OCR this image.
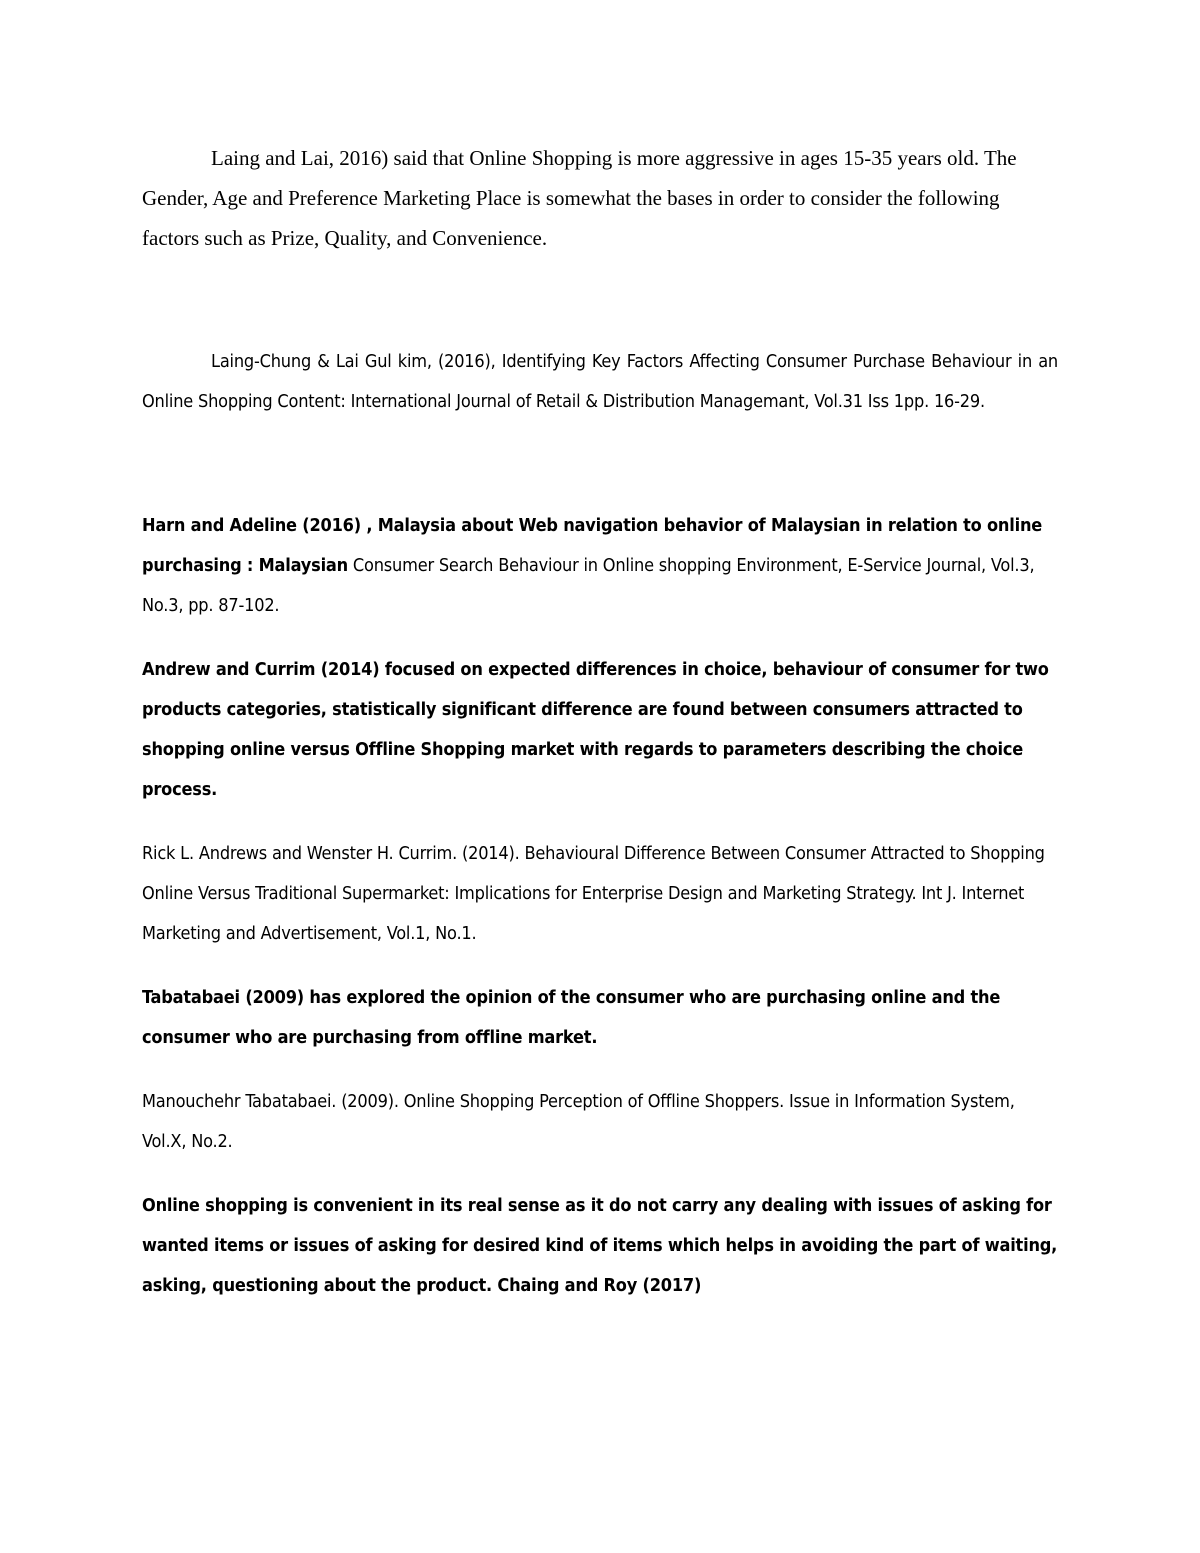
Laing and Lai, 2016) said that Online Shopping is more aggressive in ages 15-35 years old. The Gender, Age and Preference Marketing Place is somewhat the bases in order to consider the following factors such as Prize, Quality, and Convenience.

Laing-Chung & Lai Gul kim, (2016), Identifying Key Factors Affecting Consumer Purchase Behaviour in an Online Shopping Content: International Journal of Retail & Distribution Managemant, Vol.31 Iss 1pp. 16-29.

Harn and Adeline (2016) , Malaysia about Web navigation behavior of Malaysian in relation to online purchasing : Malaysian Consumer Search Behaviour in Online shopping Environment, E-Service Journal, Vol.3, No.3, pp. 87-102.

Andrew and Currim (2014) focused on expected differences in choice, behaviour of consumer for two products categories, statistically significant difference are found between consumers attracted to shopping online versus Offline Shopping market with regards to parameters describing the choice process.

Rick L. Andrews and Wenster H. Currim. (2014). Behavioural Difference Between Consumer Attracted to Shopping Online Versus Traditional Supermarket: Implications for Enterprise Design and Marketing Strategy. Int J. Internet Marketing and Advertisement, Vol.1, No.1.

Tabatabaei (2009) has explored the opinion of the consumer who are purchasing online and the consumer who are purchasing from offline market.

Manouchehr Tabatabaei. (2009). Online Shopping Perception of Offline Shoppers. Issue in Information System, Vol.X, No.2.

Online shopping is convenient in its real sense as it do not carry any dealing with issues of asking for wanted items or issues of asking for desired kind of items which helps in avoiding the part of waiting, asking, questioning about the product. Chaing and Roy (2017)
